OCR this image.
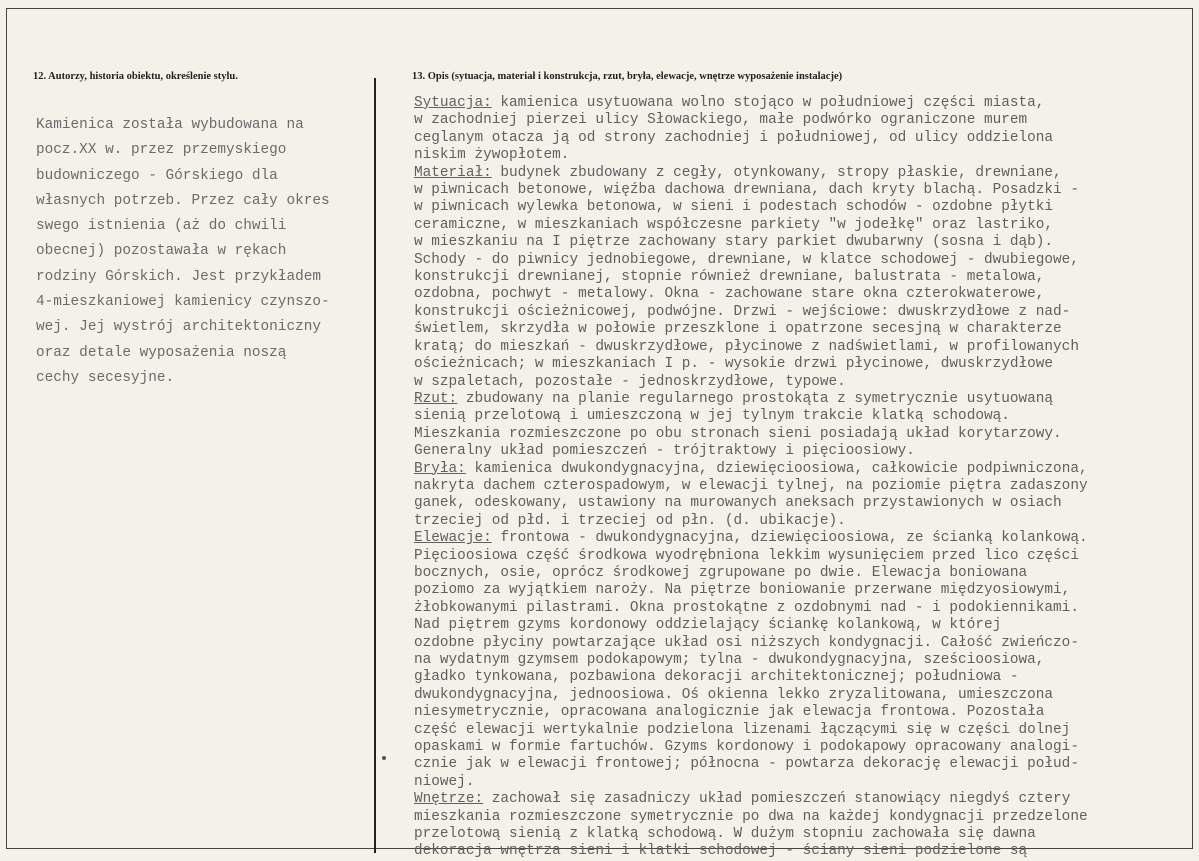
12. Autorzy, historia obiektu, określenie stylu.	13. Opis (sytuacja, materiał i konstrukcja, rzut, bryła, elewacje, wnętrze wyposażenie instalacje)
Kamienica została wybudowana na
pocz.XX w. przez przemyskiego
budowniczego - Górskiego dla
własnych potrzeb. Przez cały okres
swego istnienia (aż do chwili
obecnej) pozostawała w rękach
rodziny Górskich. Jest przykładem
4-mieszkaniowej kamienicy czynszo-
wej. Jej wystrój architektoniczny
oraz detale wyposażenia noszą
cechy secesyjne.
Sytuacja: kamienica usytuowana wolno stojąco w południowej części miasta,
w zachodniej pierzei ulicy Słowackiego, małe podwórko ograniczone murem
ceglanym otacza ją od strony zachodniej i południowej, od ulicy oddzielona
niskim żywopłotem.
Materiał: budynek zbudowany z cegły, otynkowany, stropy płaskie, drewniane,
w piwnicach betonowe, więźba dachowa drewniana, dach kryty blachą. Posadzki -
w piwnicach wylewka betonowa, w sieni i podestach schodów - ozdobne płytki
ceramiczne, w mieszkaniach współczesne parkiety "w jodełkę" oraz lastriko,
w mieszkaniu na I piętrze zachowany stary parkiet dwubarwny (sosna i dąb).
Schody - do piwnicy jednobiegowe, drewniane, w klatce schodowej - dwubiegowe,
konstrukcji drewnianej, stopnie również drewniane, balustrata - metalowa,
ozdobna, pochwyt - metalowy. Okna - zachowane stare okna czterokwaterowe,
konstrukcji ościeżnicowej, podwójne. Drzwi - wejściowe: dwuskrzydłowe z nad-
świetlem, skrzydła w połowie przeszklone i opatrzone secesjną w charakterze
kratą; do mieszkań - dwuskrzydłowe, płycinowe z nadświetlami, w profilowanych
ościeżnicach; w mieszkaniach I p. - wysokie drzwi płycinowe, dwuskrzydłowe
w szpaletach, pozostałe - jednoskrzydłowe, typowe.
Rzut: zbudowany na planie regularnego prostokąta z symetrycznie usytuowaną
sienią przelotową i umieszczoną w jej tylnym trakcie klatką schodową.
Mieszkania rozmieszczone po obu stronach sieni posiadają układ korytarzowy.
Generalny układ pomieszczeń - trójtraktowy i pięcioosiowy.
Bryła: kamienica dwukondygnacyjna, dziewięcioosiowa, całkowicie podpiwniczona,
nakryta dachem czterospadowym, w elewacji tylnej, na poziomie piętra zadaszony
ganek, odeskowany, ustawiony na murowanych aneksach przystawionych w osiach
trzeciej od płd. i trzeciej od płn. (d. ubikacje).
Elewacje: frontowa - dwukondygnacyjna, dziewięcioosiowa, ze ścianką kolankową.
Pięcioosiowa część środkowa wyodrębniona lekkim wysunięciem przed lico części
bocznych, osie, oprócz środkowej zgrupowane po dwie. Elewacja boniowana
poziomo za wyjątkiem naroży. Na piętrze boniowanie przerwane międzyosiowymi,
żłobkowanymi pilastrami. Okna prostokątne z ozdobnymi nad - i podokiennikami.
Nad piętrem gzyms kordonowy oddzielający ściankę kolankową, w której
ozdobne płyciny powtarzające układ osi niższych kondygnacji. Całość zwieńczo-
na wydatnym gzymsem podokapowym; tylna - dwukondygnacyjna, sześcioosiowa,
gładko tynkowana, pozbawiona dekoracji architektonicznej; południowa -
dwukondygnacyjna, jednoosiowa. Oś okienna lekko zryzalitowana, umieszczona
niesymetrycznie, opracowana analogicznie jak elewacja frontowa. Pozostała
część elewacji wertykalnie podzielona lizenami łączącymi się w części dolnej
opaskami w formie fartuchów. Gzyms kordonowy i podokapowy opracowany analogi-
cznie jak w elewacji frontowej; północna - powtarza dekorację elewacji połud-
niowej.
Wnętrze: zachował się zasadniczy układ pomieszczeń stanowiący niegdyś cztery
mieszkania rozmieszczone symetrycznie po dwa na każdej kondygnacji przedzelone
przelotową sienią z klatką schodową. W dużym stopniu zachowała się dawna
dekoracja wnętrza sieni i klatki schodowej - ściany sieni podzielone są
